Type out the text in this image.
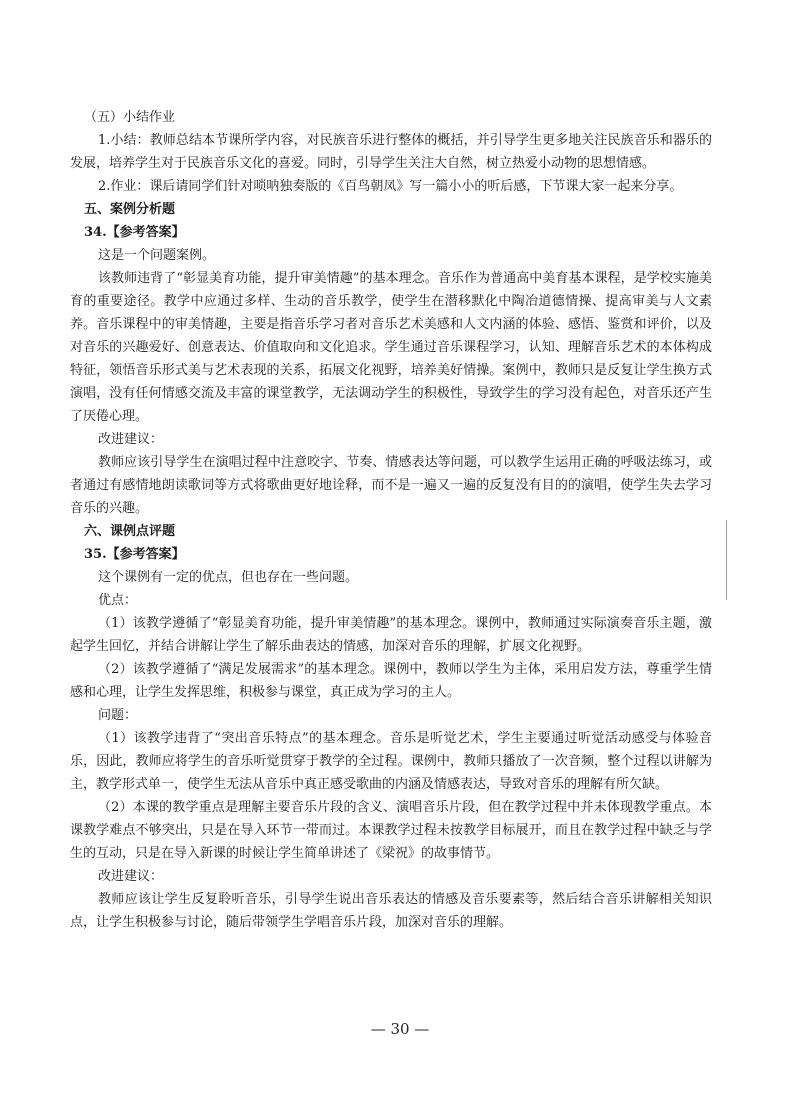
（五）小结作业

1.小结：教师总结本节课所学内容，对民族音乐进行整体的概括，并引导学生更多地关注民族音乐和器乐的发展，培养学生对于民族音乐文化的喜爱。同时，引导学生关注大自然，树立热爱小动物的思想情感。

2.作业：课后请同学们针对唢呐独奏版的《百鸟朝凤》写一篇小小的听后感，下节课大家一起来分享。

五、案例分析题

34.【参考答案】

这是一个问题案例。

该教师违背了“彰显美育功能，提升审美情趣”的基本理念。音乐作为普通高中美育基本课程，是学校实施美育的重要途径。教学中应通过多样、生动的音乐教学，使学生在潜移默化中陶冶道德情操、提高审美与人文素养。音乐课程中的审美情趣，主要是指音乐学习者对音乐艺术美感和人文内涵的体验、感悟、鉴赏和评价，以及对音乐的兴趣爱好、创意表达、价值取向和文化追求。学生通过音乐课程学习，认知、理解音乐艺术的本体构成特征，领悟音乐形式美与艺术表现的关系，拓展文化视野，培养美好情操。案例中，教师只是反复让学生换方式演唱，没有任何情感交流及丰富的课堂教学，无法调动学生的积极性，导致学生的学习没有起色，对音乐还产生了厌倦心理。

改进建议：

教师应该引导学生在演唱过程中注意咬字、节奏、情感表达等问题，可以教学生运用正确的呼吸法练习，或者通过有感情地朗读歌词等方式将歌曲更好地诠释，而不是一遍又一遍的反复没有目的的演唱，使学生失去学习音乐的兴趣。

六、课例点评题

35.【参考答案】

这个课例有一定的优点，但也存在一些问题。

优点：

（1）该教学遵循了“彰显美育功能，提升审美情趣”的基本理念。课例中，教师通过实际演奏音乐主题，激起学生回忆，并结合讲解让学生了解乐曲表达的情感，加深对音乐的理解，扩展文化视野。

（2）该教学遵循了“满足发展需求”的基本理念。课例中，教师以学生为主体，采用启发方法，尊重学生情感和心理，让学生发挥思维，积极参与课堂，真正成为学习的主人。

问题：

（1）该教学违背了“突出音乐特点”的基本理念。音乐是听觉艺术，学生主要通过听觉活动感受与体验音乐，因此，教师应将学生的音乐听觉贯穿于教学的全过程。课例中，教师只播放了一次音频，整个过程以讲解为主，教学形式单一，使学生无法从音乐中真正感受歌曲的内涵及情感表达，导致对音乐的理解有所欠缺。

（2）本课的教学重点是理解主要音乐片段的含义、演唱音乐片段，但在教学过程中并未体现教学重点。本课教学难点不够突出，只是在导入环节一带而过。本课教学过程未按教学目标展开，而且在教学过程中缺乏与学生的互动，只是在导入新课的时候让学生简单讲述了《梁祝》的故事情节。

改进建议：

教师应该让学生反复聆听音乐，引导学生说出音乐表达的情感及音乐要素等，然后结合音乐讲解相关知识点，让学生积极参与讨论，随后带领学生学唱音乐片段，加深对音乐的理解。

— 30 —
